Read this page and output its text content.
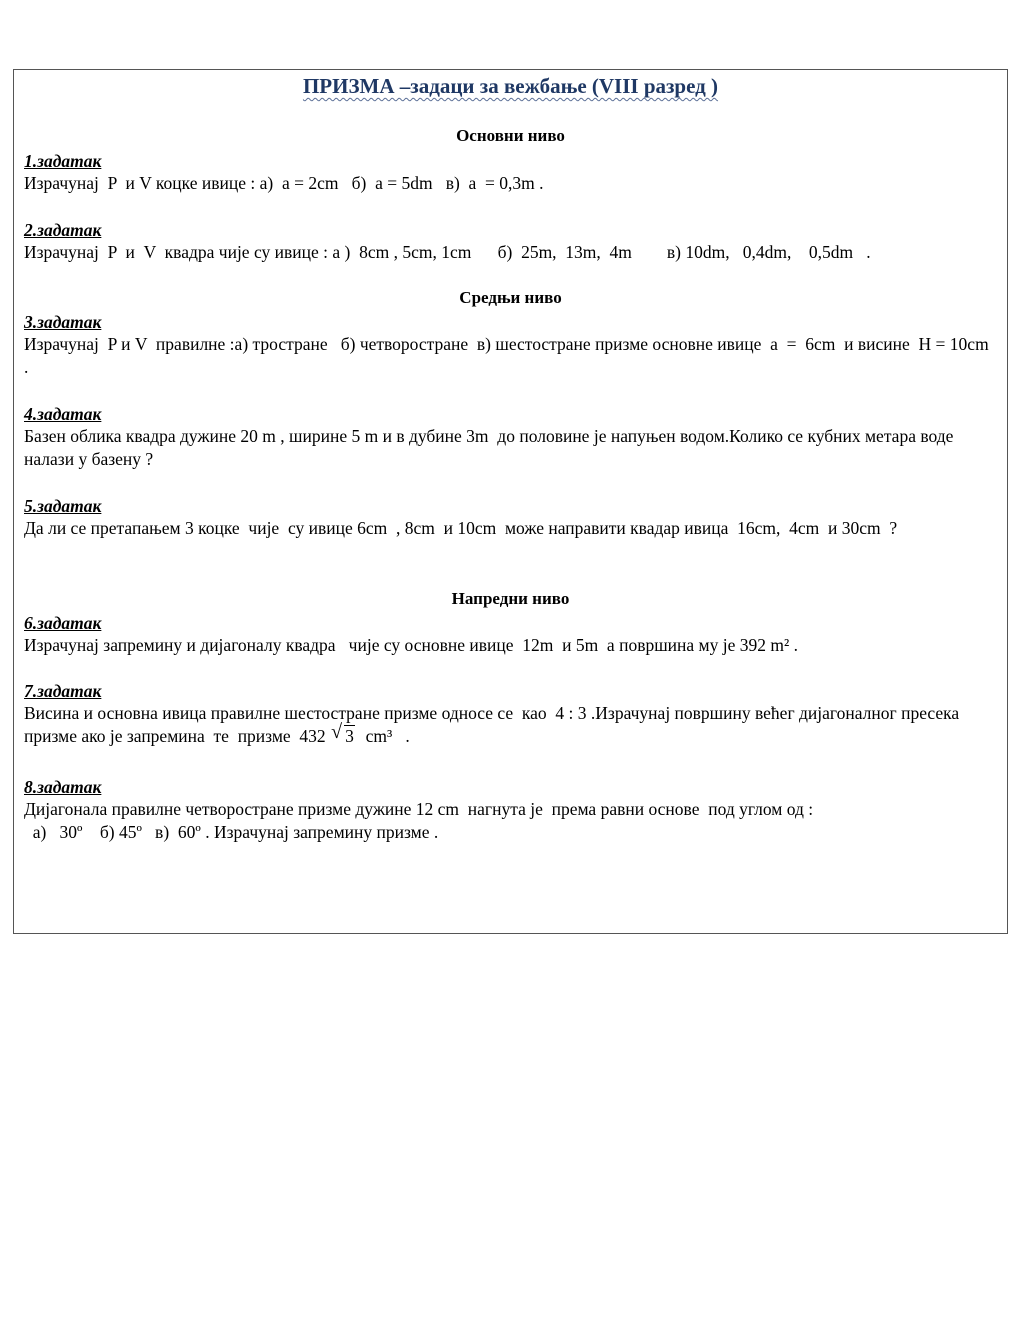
ПРИЗМА –задаци за вежбање (VIII разред )
Основни ниво
1.задатак
Израчунај  P  и V коцке ивице : а)  a = 2cm   б)  a = 5dm   в)  a  = 0,3m .
2.задатак
Израчунај  P  и  V  квадра чије су ивице : а )  8cm , 5cm, 1cm      б)  25m,  13m,  4m        в) 10dm,   0,4dm,    0,5dm   .
Средњи ниво
3.задатак
Израчунај  P и V  правилне :а) тростране   б) четворостране  в) шестостране призме основне ивице  a  =  6cm  и висине  H = 10cm  .
4.задатак
Базен облика квадра дужине 20 m , ширине 5 m и в дубине 3m  до половине је напуњен водом.Колико се кубних метара воде налази у базену ?
5.задатак
Да ли се претапањем 3 коцке  чије  су ивице 6cm  , 8cm  и 10cm  може направити квадар ивица  16cm,  4cm  и 30cm  ?
Напредни ниво
6.задатак
Израчунај запремину и дијагоналу квадра   чије су основне ивице  12m  и 5m  а површина му је 392 m² .
7.задатак
Висина и основна ивица правилне шестостране призме односе се  као  4 : 3 .Израчунај површину већег дијагоналног пресека призме ако је запремина  те  призме  432 √ 3  cm³   .
8.задатак
Дијагонала правилне четворостране призме дужине 12 cm  нагнута је  према равни основе  под углом од :
а)   30º    б) 45º   в)  60º . Израчунај запремину призме .
